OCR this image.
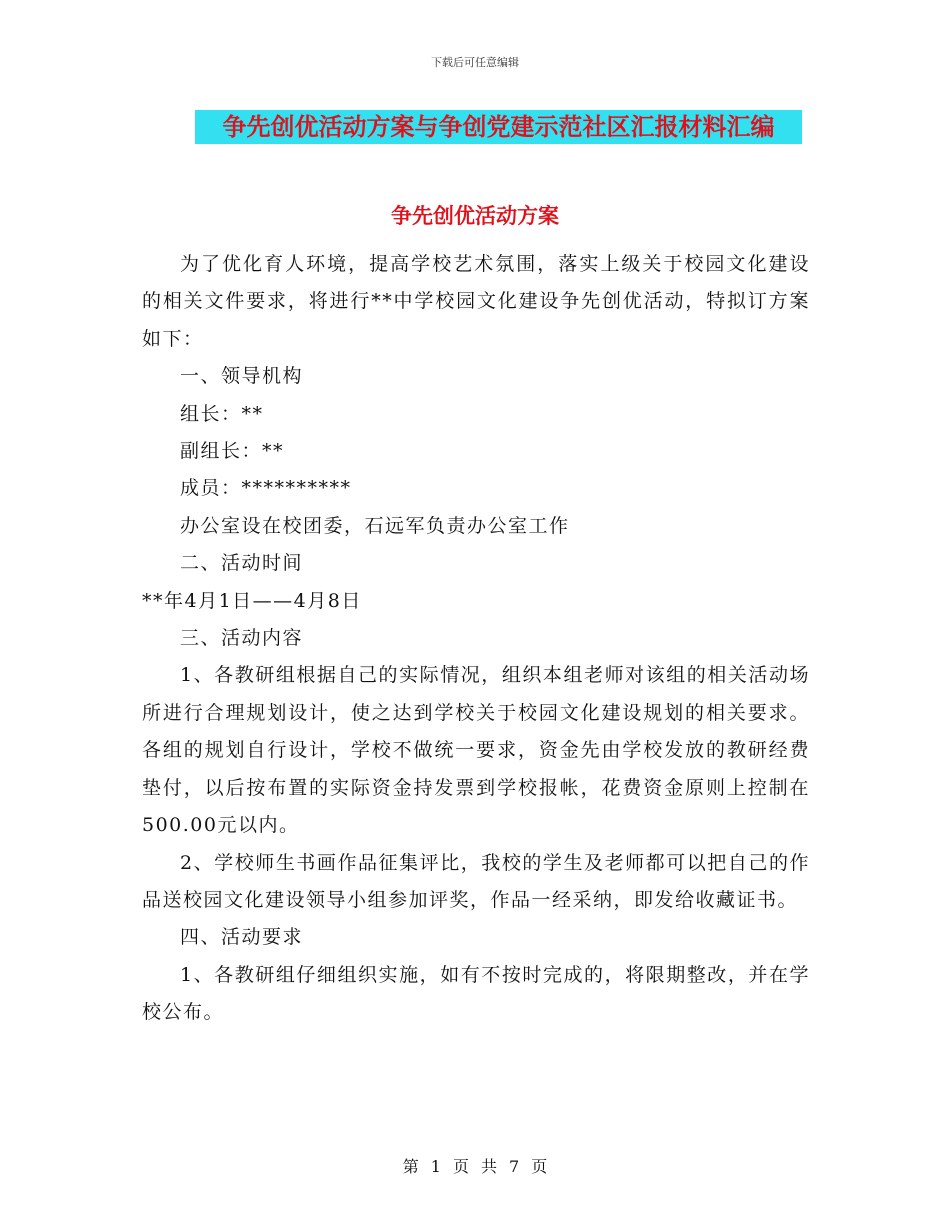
下载后可任意编辑
争先创优活动方案与争创党建示范社区汇报材料汇编
争先创优活动方案

为了优化育人环境，提高学校艺术氛围，落实上级关于校园文化建设的相关文件要求，将进行**中学校园文化建设争先创优活动，特拟订方案如下：

一、领导机构

组长：**

副组长：**

成员：**********

办公室设在校团委，石远军负责办公室工作

二、活动时间

**年4月1日——4月8日

三、活动内容

1、各教研组根据自己的实际情况，组织本组老师对该组的相关活动场所进行合理规划设计，使之达到学校关于校园文化建设规划的相关要求。各组的规划自行设计，学校不做统一要求，资金先由学校发放的教研经费垫付，以后按布置的实际资金持发票到学校报帐，花费资金原则上控制在500.00元以内。

2、学校师生书画作品征集评比，我校的学生及老师都可以把自己的作品送校园文化建设领导小组参加评奖，作品一经采纳，即发给收藏证书。

四、活动要求

1、各教研组仔细组织实施，如有不按时完成的，将限期整改，并在学校公布。

第 1 页 共 7 页
